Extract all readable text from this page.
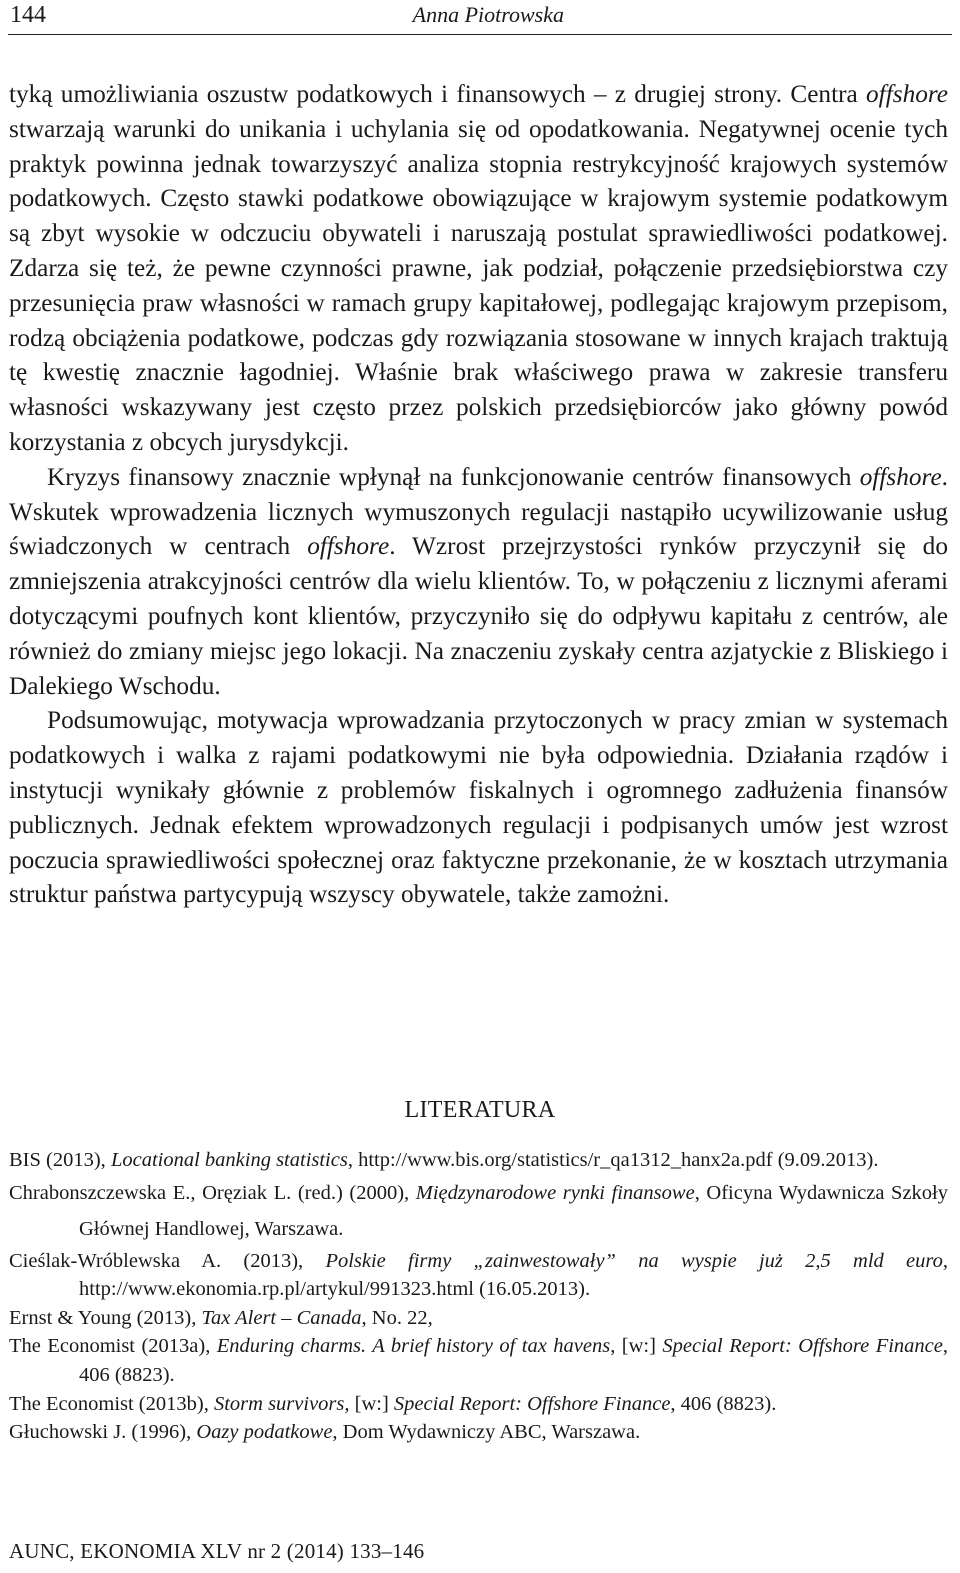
144	Anna Piotrowska

tyką umożliwiania oszustw podatkowych i finansowych – z drugiej strony. Centra offshore stwarzają warunki do unikania i uchylania się od opodatkowania. Negatywnej ocenie tych praktyk powinna jednak towarzyszyć analiza stopnia restrykcyjność krajowych systemów podatkowych. Często stawki podatkowe obowiązujące w krajowym systemie podatkowym są zbyt wysokie w odczuciu obywateli i naruszają postulat sprawiedliwości podatkowej. Zdarza się też, że pewne czynności prawne, jak podział, połączenie przedsiębiorstwa czy przesunięcia praw własności w ramach grupy kapitałowej, podlegając krajowym przepisom, rodzą obciążenia podatkowe, podczas gdy rozwiązania stosowane w innych krajach traktują tę kwestię znacznie łagodniej. Właśnie brak właściwego prawa w zakresie transferu własności wskazywany jest często przez polskich przedsiębiorców jako główny powód korzystania z obcych jurysdykcji.

Kryzys finansowy znacznie wpłynął na funkcjonowanie centrów finansowych offshore. Wskutek wprowadzenia licznych wymuszonych regulacji nastąpiło ucywilizowanie usług świadczonych w centrach offshore. Wzrost przejrzystości rynków przyczynił się do zmniejszenia atrakcyjności centrów dla wielu klientów. To, w połączeniu z licznymi aferami dotyczącymi poufnych kont klientów, przyczyniło się do odpływu kapitału z centrów, ale również do zmiany miejsc jego lokacji. Na znaczeniu zyskały centra azjatyckie z Bliskiego i Dalekiego Wschodu.

Podsumowując, motywacja wprowadzania przytoczonych w pracy zmian w systemach podatkowych i walka z rajami podatkowymi nie była odpowiednia. Działania rządów i instytucji wynikały głównie z problemów fiskalnych i ogromnego zadłużenia finansów publicznych. Jednak efektem wprowadzonych regulacji i podpisanych umów jest wzrost poczucia sprawiedliwości społecznej oraz faktyczne przekonanie, że w kosztach utrzymania struktur państwa partycypują wszyscy obywatele, także zamożni.

LITERATURA

BIS (2013), Locational banking statistics, http://www.bis.org/statistics/r_qa1312_hanx2a.pdf (9.09.2013).

Chrabonszczewska E., Oręziak L. (red.) (2000), Międzynarodowe rynki finansowe, Oficyna Wydawnicza Szkoły Głównej Handlowej, Warszawa.

Cieślak-Wróblewska A. (2013), Polskie firmy „zainwestowały” na wyspie już 2,5 mld euro, http://www.ekonomia.rp.pl/artykul/991323.html (16.05.2013).

Ernst & Young (2013), Tax Alert – Canada, No. 22,

The Economist (2013a), Enduring charms. A brief history of tax havens, [w:] Special Report: Offshore Finance, 406 (8823).

The Economist (2013b), Storm survivors, [w:] Special Report: Offshore Finance, 406 (8823).

Głuchowski J. (1996), Oazy podatkowe, Dom Wydawniczy ABC, Warszawa.

AUNC, EKONOMIA XLV nr 2 (2014) 133–146
